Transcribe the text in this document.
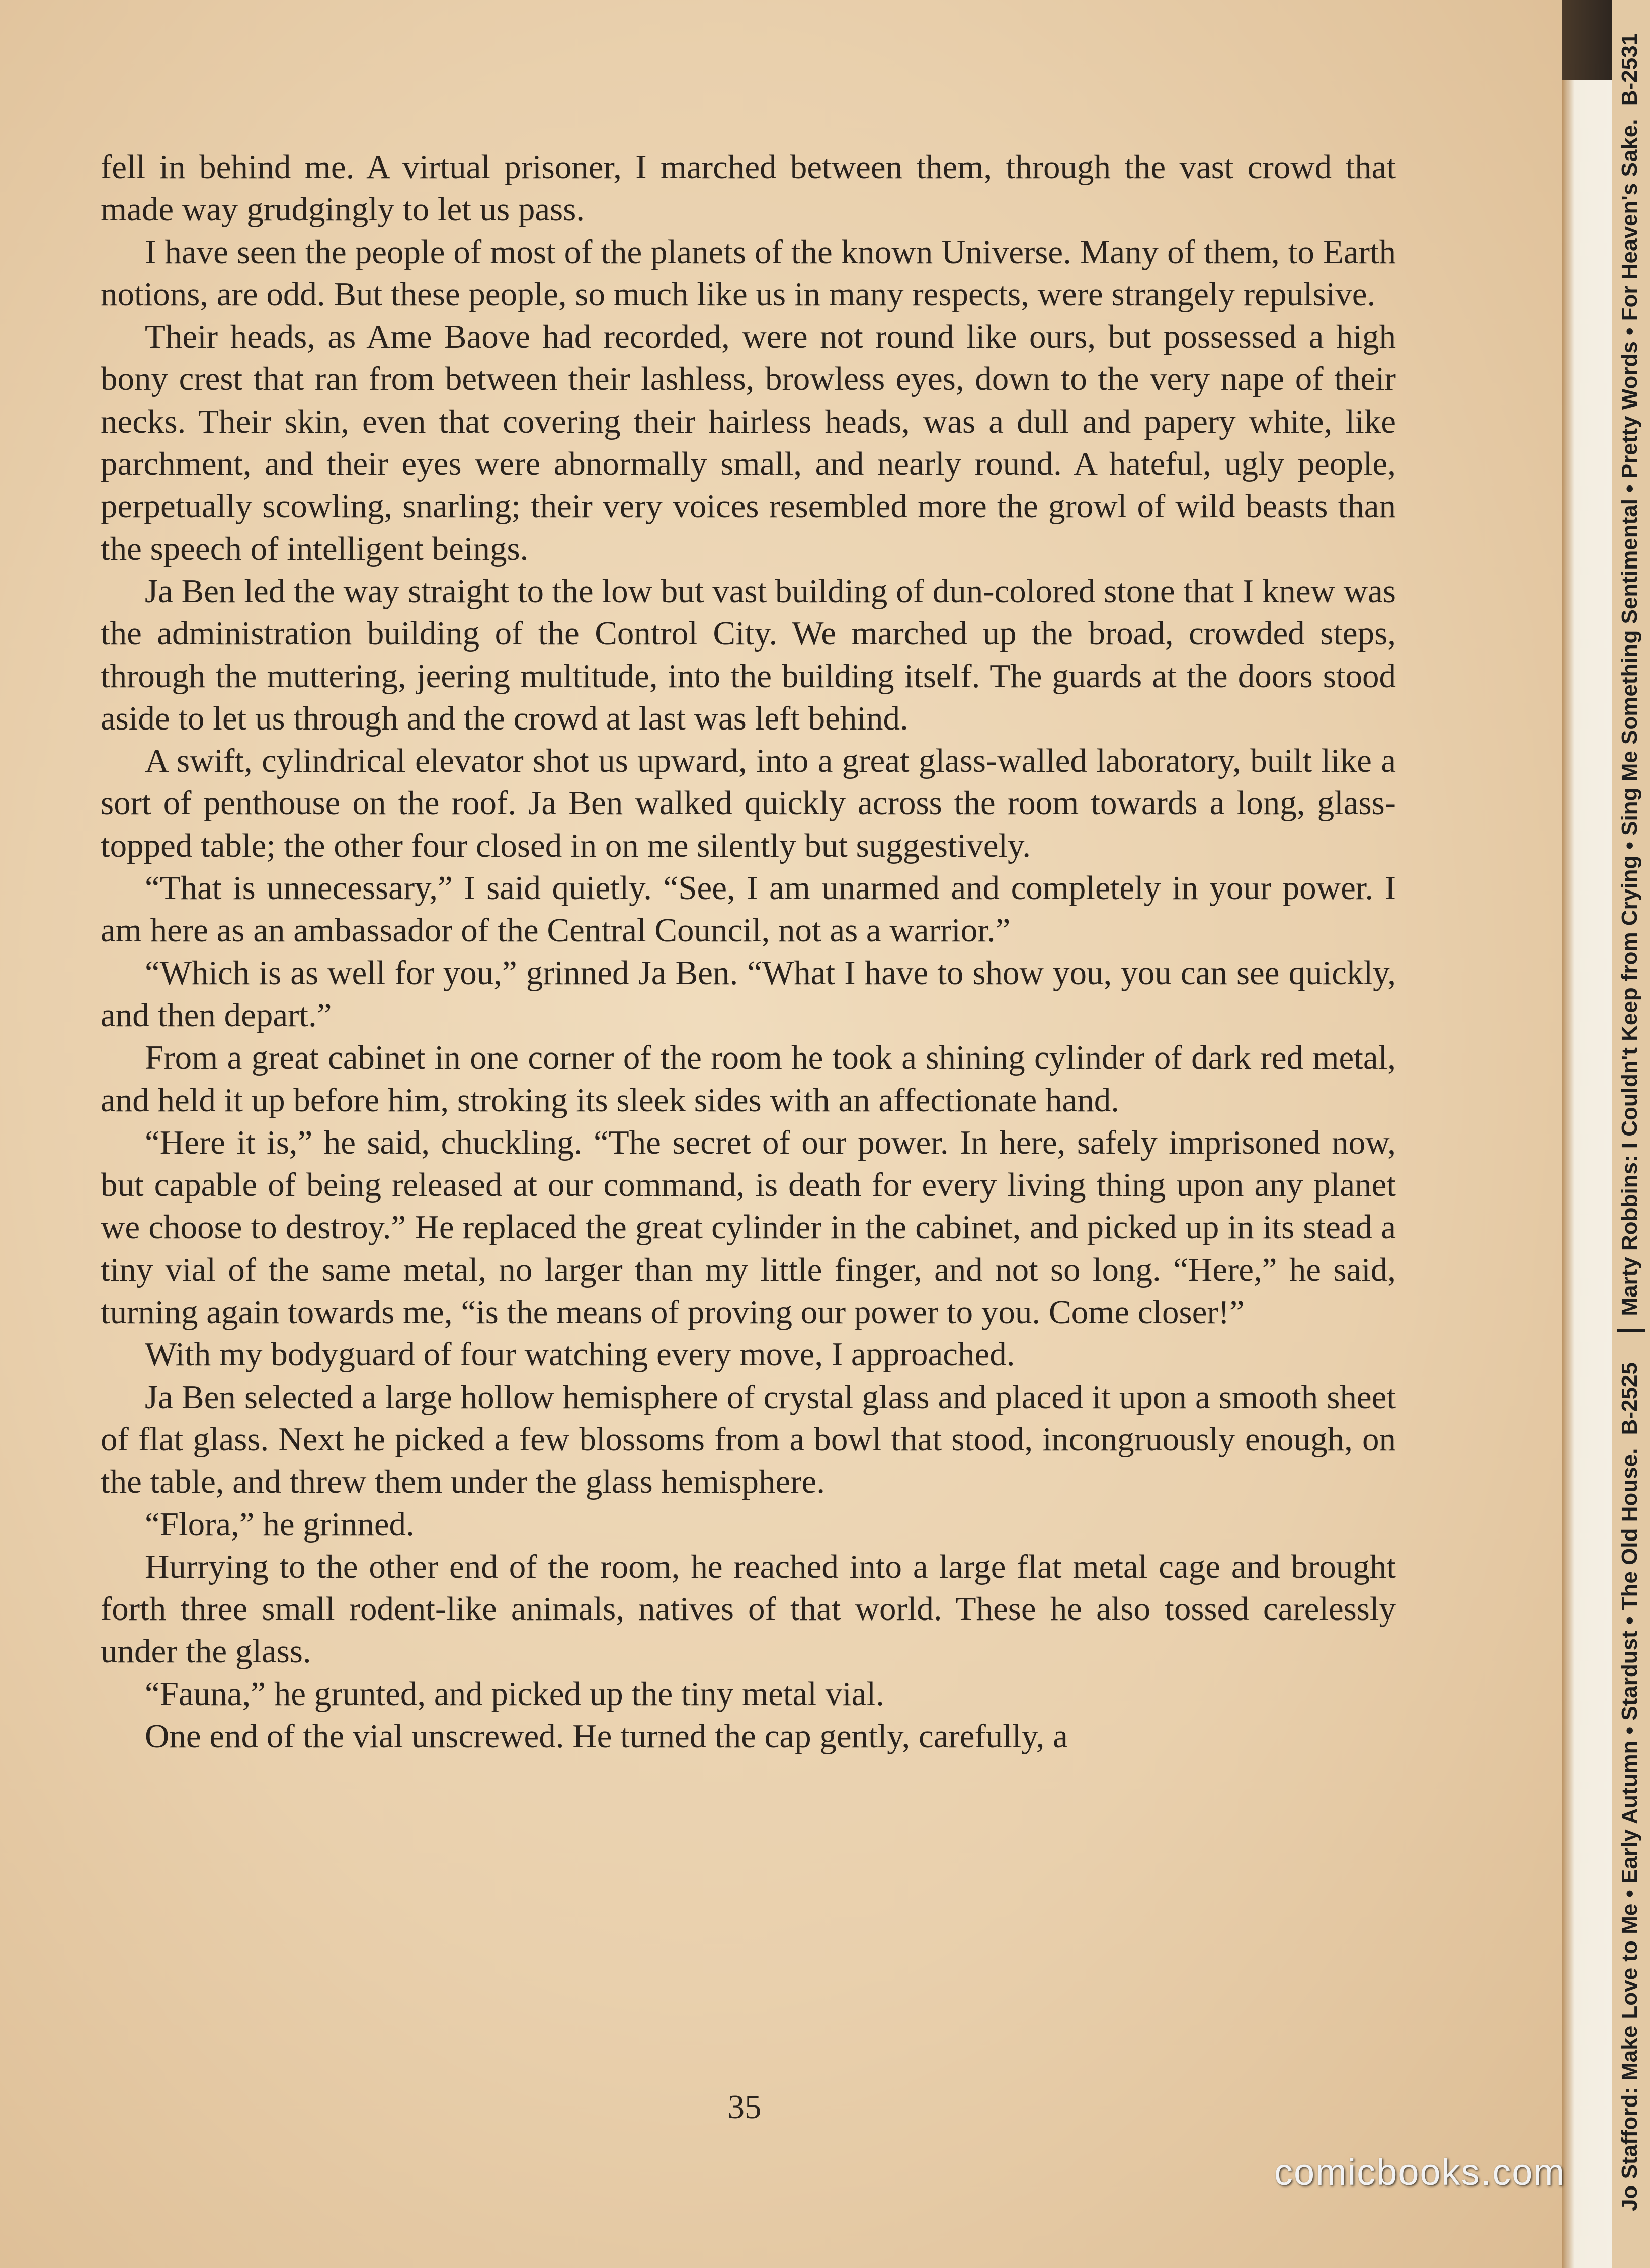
Jo Stafford: Make Love to Me • Early Autumn • Stardust • The Old House. B-2525  Marty Robbins: I Couldn't Keep from Crying • Sing Me Something Sentimental • Pretty Words • For Heaven's Sake. B-2531

fell in behind me. A virtual prisoner, I marched between them, through the vast crowd that made way grudgingly to let us pass.

I have seen the people of most of the planets of the known Universe. Many of them, to Earth notions, are odd. But these people, so much like us in many respects, were strangely repulsive.

Their heads, as Ame Baove had recorded, were not round like ours, but possessed a high bony crest that ran from between their lashless, browless eyes, down to the very nape of their necks. Their skin, even that covering their hairless heads, was a dull and papery white, like parchment, and their eyes were abnormally small, and nearly round. A hateful, ugly people, perpetually scowling, snarling; their very voices resembled more the growl of wild beasts than the speech of intelligent beings.

Ja Ben led the way straight to the low but vast building of dun-colored stone that I knew was the administration building of the Control City. We marched up the broad, crowded steps, through the muttering, jeering multitude, into the building itself. The guards at the doors stood aside to let us through and the crowd at last was left behind.

A swift, cylindrical elevator shot us upward, into a great glass-walled laboratory, built like a sort of penthouse on the roof. Ja Ben walked quickly across the room towards a long, glass-topped table; the other four closed in on me silently but suggestively.

“That is unnecessary,” I said quietly. “See, I am unarmed and completely in your power. I am here as an ambassador of the Central Council, not as a warrior.”

“Which is as well for you,” grinned Ja Ben. “What I have to show you, you can see quickly, and then depart.”

From a great cabinet in one corner of the room he took a shining cylinder of dark red metal, and held it up before him, stroking its sleek sides with an affectionate hand.

“Here it is,” he said, chuckling. “The secret of our power. In here, safely imprisoned now, but capable of being released at our command, is death for every living thing upon any planet we choose to destroy.” He replaced the great cylinder in the cabinet, and picked up in its stead a tiny vial of the same metal, no larger than my little finger, and not so long. “Here,” he said, turning again towards me, “is the means of proving our power to you. Come closer!”

With my bodyguard of four watching every move, I approached.

Ja Ben selected a large hollow hemisphere of crystal glass and placed it upon a smooth sheet of flat glass. Next he picked a few blossoms from a bowl that stood, incongruously enough, on the table, and threw them under the glass hemisphere.

“Flora,” he grinned.

Hurrying to the other end of the room, he reached into a large flat metal cage and brought forth three small rodent-like animals, natives of that world. These he also tossed carelessly under the glass.

“Fauna,” he grunted, and picked up the tiny metal vial.

One end of the vial unscrewed. He turned the cap gently, carefully, a

35
comicbooks.com
